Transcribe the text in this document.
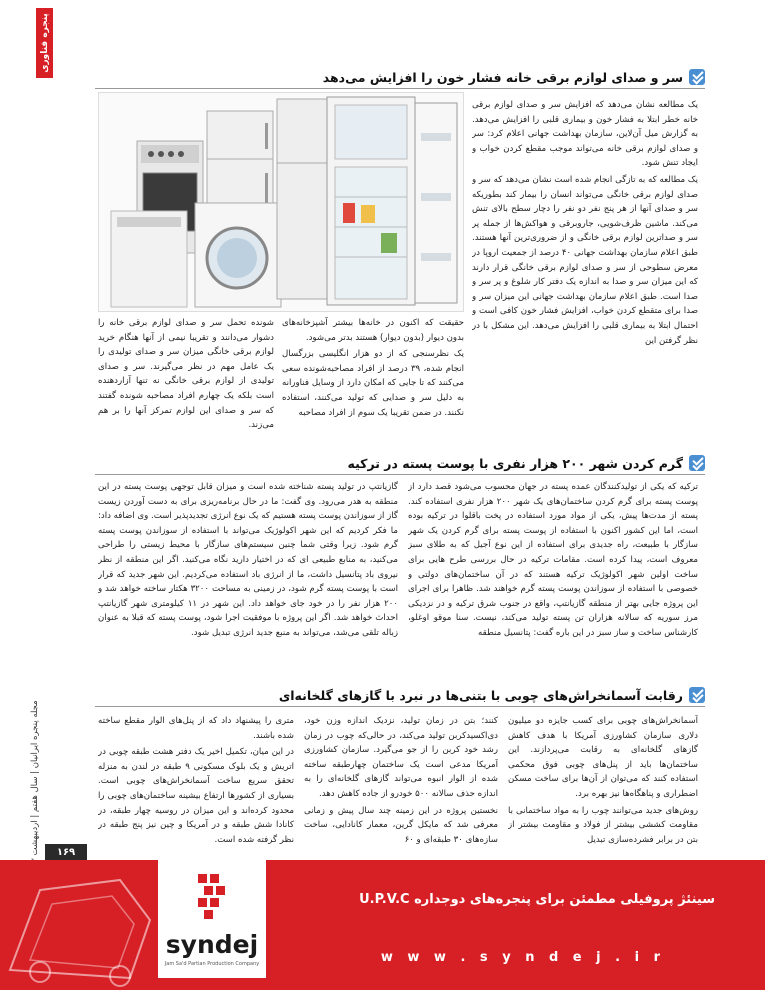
پنجره فناوری
مجله پنجره ایرانیان | سال هفتم | اردیبهشت	۱۶۹
سر و صدای لوازم برقی خانه فشار خون را افزایش می‌دهد

یک مطالعه نشان می‌دهد که افزایش سر و صدای لوازم برقی خانه خطر ابتلا به فشار خون و بیماری قلبی را افزایش می‌دهد. به گزارش میل آن‌لاین، سازمان بهداشت جهانی اعلام کرد: سر و صدای لوازم برقی خانه می‌تواند موجب مقطع کردن خواب و ایجاد تنش شود.

یک مطالعه که به تازگی انجام شده است نشان می‌دهد که سر و صدای لوازم برقی خانگی می‌تواند انسان را بیمار کند بطوریکه سر و صدای آنها از هر پنج نفر دو نفر را دچار سطح بالای تنش می‌کند. ماشین ظرف‌شویی، جاروبرقی و هواکش‌ها از جمله پر سر و صداترین لوازم برقی خانگی و از ضروری‌ترین آنها هستند. طبق اعلام سازمان بهداشت جهانی ۴۰ درصد از جمعیت اروپا در معرض سطوحی از سر و صدای لوازم برقی خانگی قرار دارند که این میزان سر و صدا به اندازه یک دفتر کار شلوغ و پر سر و صدا است. طبق اعلام سازمان بهداشت جهانی این میزان سر و صدا برای متقطع کردن خواب، افزایش فشار خون کافی است و احتمال ابتلا به بیماری قلبی را افزایش می‌دهد. این مشکل با در نظر گرفتن این

حقیقت که اکنون در خانه‌ها بیشتر آشپزخانه‌های بدون دیوار (بدون دیوار) هستند بدتر می‌شود.

یک نظرسنجی که از دو هزار انگلیسی بزرگسال انجام شده، ۳۹ درصد از افراد مصاحبه‌شونده سعی می‌کنند که تا جایی که امکان دارد از وسایل فناورانه به دلیل سر و صدایی که تولید می‌کنند، استفاده نکنند. در ضمن تقریبا یک سوم از افراد مصاحبه

شونده تحمل سر و صدای لوازم برقی خانه را دشوار می‌دانند و تقریبا نیمی از آنها هنگام خرید لوازم برقی خانگی میزان سر و صدای تولیدی را یک عامل مهم در نظر می‌گیرند. سر و صدای تولیدی از لوازم برقی خانگی نه تنها آزاردهنده است بلکه یک چهارم افراد مصاحبه شونده گفتند که سر و صدای این لوازم تمرکز آنها را بر هم می‌زند.

گرم کردن شهر ۲۰۰ هزار نفری با پوست پسته در ترکیه

ترکیه که یکی از تولیدکنندگان عمده پسته در جهان محسوب می‌شود قصد دارد از پوست پسته برای گرم کردن ساختمان‌های یک شهر ۲۰۰ هزار نفری استفاده کند. پسته از مدت‌ها پیش، یکی از مواد مورد استفاده در پخت باقلوا در ترکیه بوده است، اما این کشور اکنون با استفاده از پوست پسته برای گرم کردن یک شهر سازگار با طبیعت، راه جدیدی برای استفاده از این نوع آجیل که به طلای سبز معروف است، پیدا کرده است. مقامات ترکیه در حال بررسی طرح هایی برای ساخت اولین شهر اکولوژیک ترکیه هستند که در آن ساختمان‌های دولتی و خصوصی با استفاده از سوزاندن پوست پسته گرم خواهند شد. ظاهرا برای اجرای این پروژه جایی بهتر از منطقه گازیانتپ، واقع در جنوب شرق ترکیه و در نزدیکی مرز سوریه که سالانه هزاران تن پسته تولید می‌کند، نیست. سنا موقو اوغلو، کارشناس ساخت و ساز سبز در این باره گفت: پتانسیل منطقه

گازیانتپ در تولید پسته شناخته شده است و میزان قابل توجهی پوست پسته در این منطقه به هدر می‌رود. وی گفت: ما در حال برنامه‌ریزی برای به دست آوردن زیست گاز از سوزاندن پوست پسته هستیم که یک نوع انرژی تجدیدپذیر است. وی اضافه داد: ما فکر کردیم که این شهر اکولوژیک می‌تواند با استفاده از سوزاندن پوست پسته گرم شود. زیرا وقتی شما چنین سیستم‌های سازگار با محیط زیستی را طراحی می‌کنید، به منابع طبیعی ای که در اختیار دارید نگاه می‌کنید. اگر این منطقه از نظر نیروی باد پتانسیل داشت، ما از انرژی باد استفاده می‌کردیم. این شهر جدید که قرار است با پوست پسته گرم شود، در زمینی به مساحت ۳۲۰۰ هکتار ساخته خواهد شد و ۲۰۰ هزار نفر را در خود جای خواهد داد. این شهر در ۱۱ کیلومتری شهر گازیانتپ احداث خواهد شد. اگر این پروژه با موفقیت اجرا شود، پوست پسته که قبلا به عنوان زباله تلقی می‌شد، می‌تواند به منبع جدید انرژی تبدیل شود.

رقابت آسمانخراش‌های چوبی با بتنی‌ها در نبرد با گازهای گلخانه‌ای

آسمانخراش‌های چوبی برای کسب جایزه دو میلیون دلاری سازمان کشاورزی آمریکا با هدف کاهش گازهای گلخانه‌ای به رقابت می‌پردازند. این ساختمان‌ها باید از پنل‌های چوبی فوق محکمی استفاده کنند که می‌توان از آن‌ها برای ساخت مسکن اضطراری و پناهگاه‌ها نیز بهره برد.

روش‌های جدید می‌توانند چوب را به مواد ساختمانی با مقاومت کششی بیشتر از فولاد و مقاومت بیشتر از بتن در برابر فشرده‌سازی تبدیل

کنند؛ بتن در زمان تولید، نزدیک اندازه وزن خود، دی‌اکسیدکربن تولید می‌کند، در حالی‌که چوب در زمان رشد خود کربن را از جو می‌گیرد. سازمان کشاورزی آمریکا مدعی است یک ساختمان چهارطبقه ساخته شده از الوار انبوه می‌تواند گازهای گلخانه‌ای را به اندازه حذف سالانه ۵۰۰ خودرو از جاده کاهش دهد.

نخستین پروژه در این زمینه چند سال پیش و زمانی معرفی شد که مایکل گرین، معمار کانادایی، ساخت سازه‌های ۳۰ طبقه‌ای و ۶۰

متری را پیشنهاد داد که از پنل‌های الوار مقطع ساخته شده باشند.

در این میان، تکمیل اخیر یک دفتر هشت طبقه چوبی در اتریش و یک بلوک مسکونی ۹ طبقه در لندن به منزله تحقق سریع ساخت آسمانخراش‌های چوبی است. بسیاری از کشورها ارتفاع بیشینه ساختمان‌های چوبی را محدود کرده‌اند و این میزان در روسیه چهار طبقه، در کانادا شش طبقه و در آمریکا و چین نیز پنج طبقه در نظر گرفته شده است.

syndej
Jam Sa'd Partian Production Company
سینئژ پروفیلی مطمئن برای پنجره‌های دوجداره U.P.V.C
w w w . s y n d e j . i r
